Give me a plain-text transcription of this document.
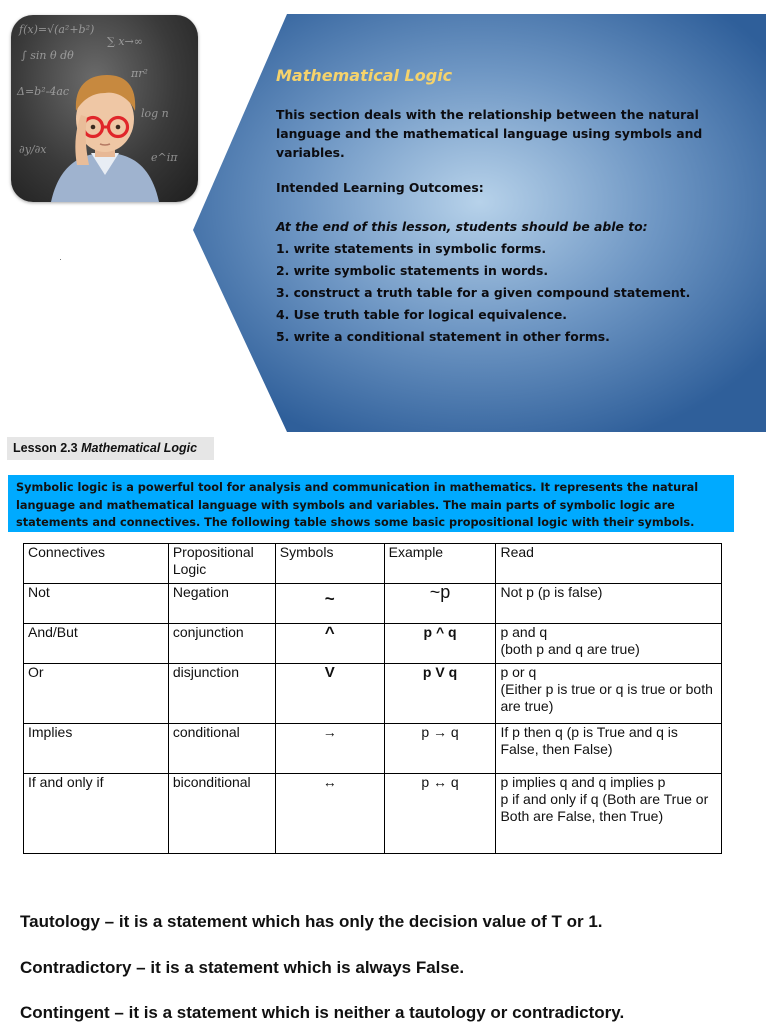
f(x)=√(a²+b²)
∑ x→∞
∫ sin θ dθ
πr²
Δ=b²-4ac
log n
∂y/∂x
e^iπ
Mathematical Logic
This section deals with the relationship between the natural language and the mathematical language using symbols and variables.
Intended Learning Outcomes:
At the end of this lesson, students should be able to:
1. write statements in symbolic forms.
2. write symbolic statements in words.
3. construct a truth table for a given compound statement.
4. Use truth table for logical equivalence.
5. write a conditional statement in other forms.
Lesson 2.3 Mathematical Logic
Symbolic logic is a powerful tool for analysis and communication in mathematics. It represents the natural language and mathematical language with symbols and variables. The main parts of symbolic logic are statements and connectives. The following table shows some basic propositional logic with their symbols.
Connectives	Propositional Logic	Symbols	Example	Read
Not	Negation	~	~p	Not p (p is false)
And/But	conjunction	^	p ^ q	p and q
(both p and q are true)
Or	disjunction	V	p V q	p or q
(Either p is true or q is true or both are true)
Implies	conditional	→	p → q	If p then q (p is True and q is False, then False)
If and only if	biconditional	↔	p ↔ q	p implies q and q implies p
p if and only if q (Both are True or Both are False, then True)
Tautology – it is a statement which has only the decision value of T or 1.
Contradictory – it is a statement which is always False.
Contingent – it is a statement which is neither a tautology or contradictory.
